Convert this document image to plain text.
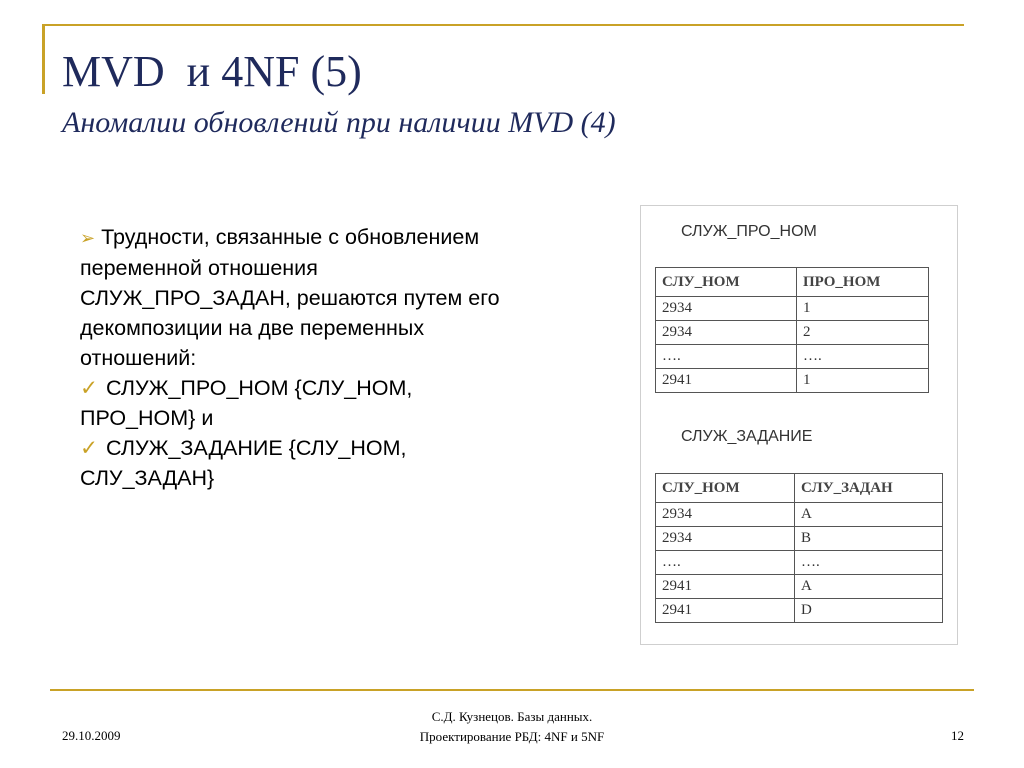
MVD  и 4NF (5)
Аномалии обновлений при наличии MVD (4)
➢ Трудности, связанные с обновлением
переменной отношения
СЛУЖ_ПРО_ЗАДАН, решаются путем его
декомпозиции на две переменных
отношений:
✓ СЛУЖ_ПРО_НОМ {СЛУ_НОМ,
ПРО_НОМ} и
✓ СЛУЖ_ЗАДАНИЕ {СЛУ_НОМ,
СЛУ_ЗАДАН}
СЛУЖ_ПРО_НОМ
СЛУ_НОМ	ПРО_НОМ
2934	1
2934	2
….	….
2941	1
СЛУЖ_ЗАДАНИЕ
СЛУ_НОМ	СЛУ_ЗАДАН
2934	A
2934	B
….	….
2941	A
2941	D
29.10.2009
С.Д. Кузнецов. Базы данных.
Проектирование РБД: 4NF и 5NF	12
